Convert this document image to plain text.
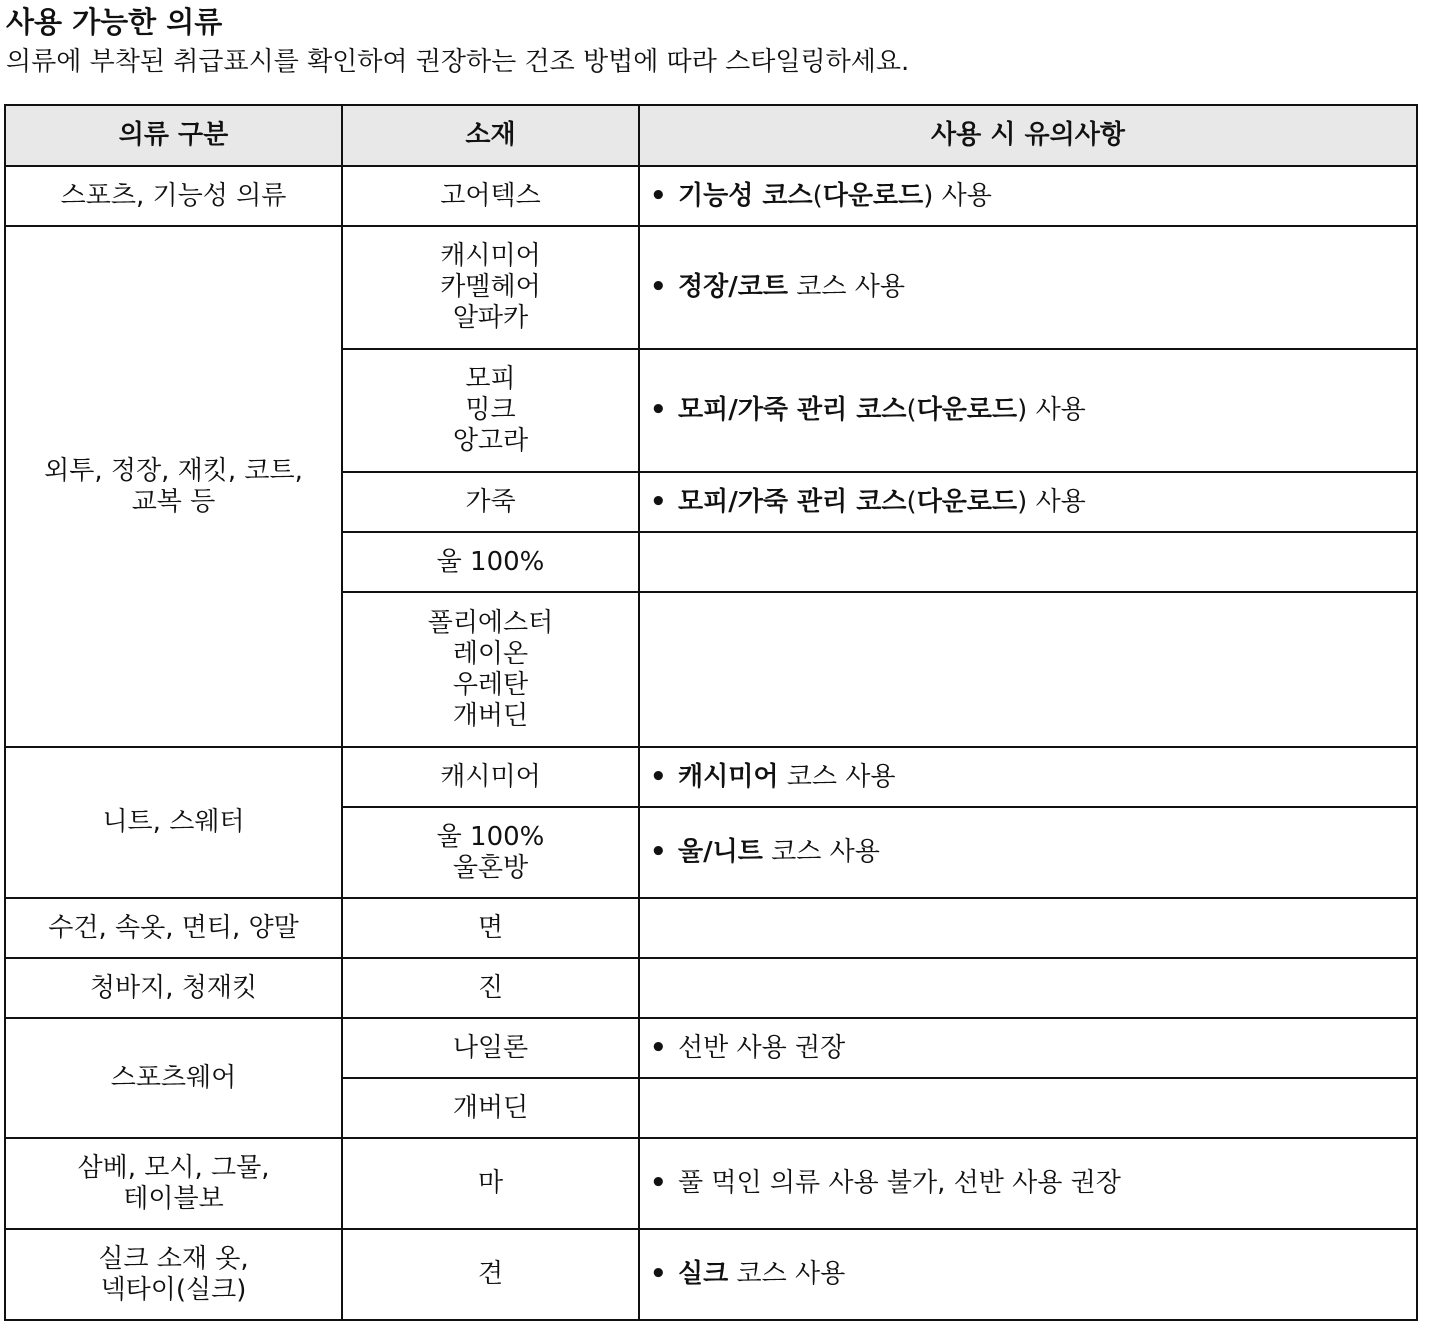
사용 가능한 의류

의류에 부착된 취급표시를 확인하여 권장하는 건조 방법에 따라 스타일링하세요.

의류 구분	소재	사용 시 유의사항

스포츠, 기능성 의류	고어텍스	• 기능성 코스(다운로드) 사용

외투, 정장, 재킷, 코트,
교복 등	캐시미어
카멜헤어
알파카	• 정장/코트 코스 사용

	모피
밍크
앙고라	• 모피/가죽 관리 코스(다운로드) 사용

	가죽	• 모피/가죽 관리 코스(다운로드) 사용

	울 100%	

	폴리에스터
레이온
우레탄
개버딘	

니트, 스웨터	캐시미어	• 캐시미어 코스 사용

	울 100%
울혼방	• 울/니트 코스 사용

수건, 속옷, 면티, 양말	면	

청바지, 청재킷	진	

스포츠웨어	나일론	• 선반 사용 권장

	개버딘	

삼베, 모시, 그물,
테이블보	마	• 풀 먹인 의류 사용 불가, 선반 사용 권장

실크 소재 옷,
넥타이(실크)	견	• 실크 코스 사용
